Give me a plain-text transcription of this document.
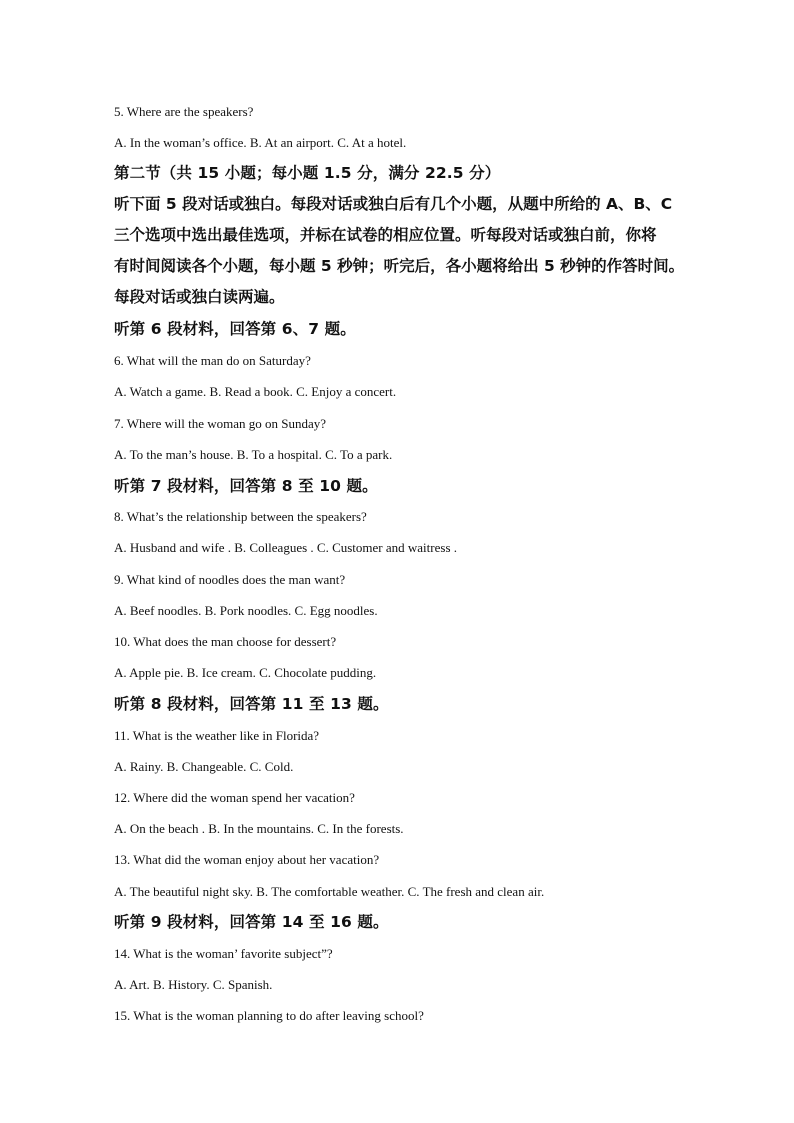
5. Where are the speakers?
A. In the woman’s office. B. At an airport. C. At a hotel.
第二节（共 15 小题；每小题 1.5 分，满分 22.5 分）
听下面 5 段对话或独白。每段对话或独白后有几个小题，从题中所给的 A、B、C
三个选项中选出最佳选项，并标在试卷的相应位置。听每段对话或独白前，你将
有时间阅读各个小题，每小题 5 秒钟；听完后，各小题将给出 5 秒钟的作答时间。
每段对话或独白读两遍。
听第 6 段材料，回答第 6、7 题。
6. What will the man do on Saturday?
A. Watch a game. B. Read a book. C. Enjoy a concert.
7. Where will the woman go on Sunday?
A. To the man’s house. B. To a hospital. C. To a park.
听第 7 段材料，回答第 8 至 10 题。
8. What’s the relationship between the speakers?
A. Husband and wife . B. Colleagues . C. Customer and waitress .
9. What kind of noodles does the man want?
A. Beef noodles. B. Pork noodles. C. Egg noodles.
10. What does the man choose for dessert?
A. Apple pie. B. Ice cream. C. Chocolate pudding.
听第 8 段材料，回答第 11 至 13 题。
11. What is the weather like in Florida?
A. Rainy. B. Changeable. C. Cold.
12. Where did the woman spend her vacation?
A. On the beach . B. In the mountains. C. In the forests.
13. What did the woman enjoy about her vacation?
A. The beautiful night sky. B. The comfortable weather. C. The fresh and clean air.
听第 9 段材料，回答第 14 至 16 题。
14. What is the woman’ favorite subject”?
A. Art. B. History. C. Spanish.
15. What is the woman planning to do after leaving school?
